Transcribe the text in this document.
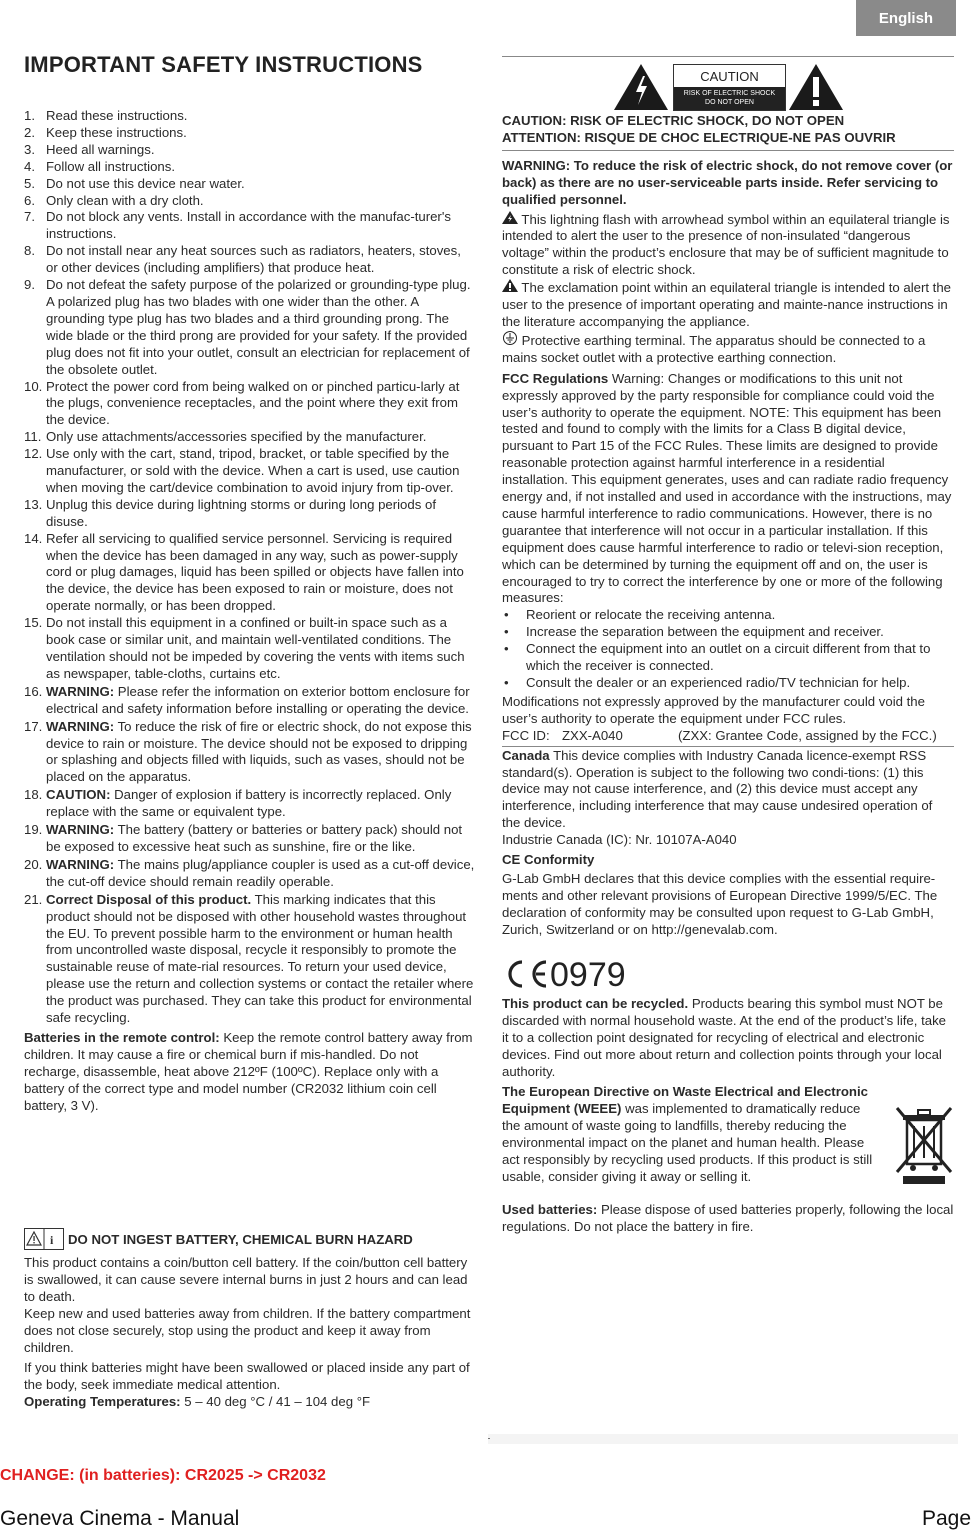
English
IMPORTANT SAFETY INSTRUCTIONS	CAUTION
RISK OF ELECTRIC SHOCK
DO NOT OPEN
1. Read these instructions.
2. Keep these instructions.
3. Heed all warnings.
4. Follow all instructions.
5. Do not use this device near water.
6. Only clean with a dry cloth.
7. Do not block any vents. Install in accordance with the manufac-turer's instructions.
8. Do not install near any heat sources such as radiators, heaters, stoves, or other devices (including amplifiers) that produce heat.
9. Do not defeat the safety purpose of the polarized or grounding-type plug. A polarized plug has two blades with one wider than the other. A grounding type plug has two blades and a third grounding prong. The wide blade or the third prong are provided for your safety. If the provided plug does not fit into your outlet, consult an electrician for replacement of the obsolete outlet.
10. Protect the power cord from being walked on or pinched particu-larly at the plugs, convenience receptacles, and the point where they exit from the device.
11. Only use attachments/accessories specified by the manufacturer.
12. Use only with the cart, stand, tripod, bracket, or table specified by the manufacturer, or sold with the device. When a cart is used, use caution when moving the cart/device combination to avoid injury from tip-over.
13. Unplug this device during lightning storms or during long periods of disuse.
14. Refer all servicing to qualified service personnel. Servicing is required when the device has been damaged in any way, such as power-supply cord or plug damages, liquid has been spilled or objects have fallen into the device, the device has been exposed to rain or moisture, does not operate normally, or has been dropped.
15. Do not install this equipment in a confined or built-in space such as a book case or similar unit, and maintain well-ventilated conditions. The ventilation should not be impeded by covering the vents with items such as newspaper, table-cloths, curtains etc.
16. WARNING: Please refer the information on exterior bottom enclosure for electrical and safety information before installing or operating the device.
17. WARNING: To reduce the risk of fire or electric shock, do not expose this device to rain or moisture. The device should not be exposed to dripping or splashing and objects filled with liquids, such as vases, should not be placed on the apparatus.
18. CAUTION: Danger of explosion if battery is incorrectly replaced. Only replace with the same or equivalent type.
19. WARNING: The battery (battery or batteries or battery pack) should not be exposed to excessive heat such as sunshine, fire or the like.
20. WARNING: The mains plug/appliance coupler is used as a cut-off device, the cut-off device should remain readily operable.
21. Correct Disposal of this product. This marking indicates that this product should not be disposed with other household wastes throughout the EU. To prevent possible harm to the environment or human health from uncontrolled waste disposal, recycle it responsibly to promote the sustainable reuse of mate-rial resources. To return your used device, please use the return and collection systems or contact the retailer where the product was purchased. They can take this product for environmental safe recycling.

Batteries in the remote control: Keep the remote control battery away from children. It may cause a fire or chemical burn if mis-handled. Do not recharge, disassemble, heat above 212ºF (100ºC). Replace only with a battery of the correct type and model number (CR2032 lithium coin cell battery, 3 V).

i DO NOT INGEST BATTERY, CHEMICAL BURN HAZARD

This product contains a coin/button cell battery. If the coin/button cell battery is swallowed, it can cause severe internal burns in just 2 hours and can lead to death.

Keep new and used batteries away from children. If the battery compartment does not close securely, stop using the product and keep it away from children.

If you think batteries might have been swallowed or placed inside any part of the body, seek immediate medical attention.

Operating Temperatures: 5 – 40 deg °C / 41 – 104 deg °F

CAUTION: RISK OF ELECTRIC SHOCK, DO NOT OPEN

ATTENTION: RISQUE DE CHOC ELECTRIQUE-NE PAS OUVRIR

WARNING: To reduce the risk of electric shock, do not remove cover (or back) as there are no user-serviceable parts inside. Refer servicing to qualified personnel.

This lightning flash with arrowhead symbol within an equilateral triangle is intended to alert the user to the presence of non-insulated “dangerous voltage” within the product’s enclosure that may be of sufficient magnitude to constitute a risk of electric shock.

The exclamation point within an equilateral triangle is intended to alert the user to the presence of important operating and mainte-nance instructions in the literature accompanying the appliance.

Protective earthing terminal. The apparatus should be connected to a mains socket outlet with a protective earthing connection.

FCC Regulations Warning: Changes or modifications to this unit not expressly approved by the party responsible for compliance could void the user’s authority to operate the equipment. NOTE: This equipment has been tested and found to comply with the limits for a Class B digital device, pursuant to Part 15 of the FCC Rules. These limits are designed to provide reasonable protection against harmful interference in a residential installation. This equipment generates, uses and can radiate radio frequency energy and, if not installed and used in accordance with the instructions, may cause harmful interference to radio communications. However, there is no guarantee that interference will not occur in a particular installation. If this equipment does cause harmful interference to radio or televi-sion reception, which can be determined by turning the equipment off and on, the user is encouraged to try to correct the interference by one or more of the following measures:

• Reorient or relocate the receiving antenna.
• Increase the separation between the equipment and receiver.
• Connect the equipment into an outlet on a circuit different from that to which the receiver is connected.
• Consult the dealer or an experienced radio/TV technician for help.

Modifications not expressly approved by the manufacturer could void the user’s authority to operate the equipment under FCC rules.

FCC ID: ZXX-A040	(ZXX: Grantee Code, assigned by the FCC.)

Canada This device complies with Industry Canada licence-exempt RSS standard(s). Operation is subject to the following two condi-tions: (1) this device may not cause interference, and (2) this device must accept any interference, including interference that may cause undesired operation of the device.

Industrie Canada (IC): Nr. 10107A-A040

CE Conformity

G-Lab GmbH declares that this device complies with the essential require-ments and other relevant provisions of European Directive 1999/5/EC. The declaration of conformity may be consulted upon request to G-Lab GmbH, Zurich, Switzerland or on http://genevalab.com.

0979

This product can be recycled. Products bearing this symbol must NOT be discarded with normal household waste. At the end of the product’s life, take it to a collection point designated for recycling of electrical and electronic devices. Find out more about return and collection points through your local authority.

The European Directive on Waste Electrical and Electronic Equipment (WEEE) was implemented to dramatically reduce the amount of waste going to landfills, thereby reducing the environmental impact on the planet and human health. Please act responsibly by recycling used products. If this product is still usable, consider giving it away or selling it.

Used batteries: Please dispose of used batteries properly, following the local regulations. Do not place the battery in fire.

CHANGE: (in batteries): CR2025 -> CR2032
Geneva Cinema - Manual	Page
